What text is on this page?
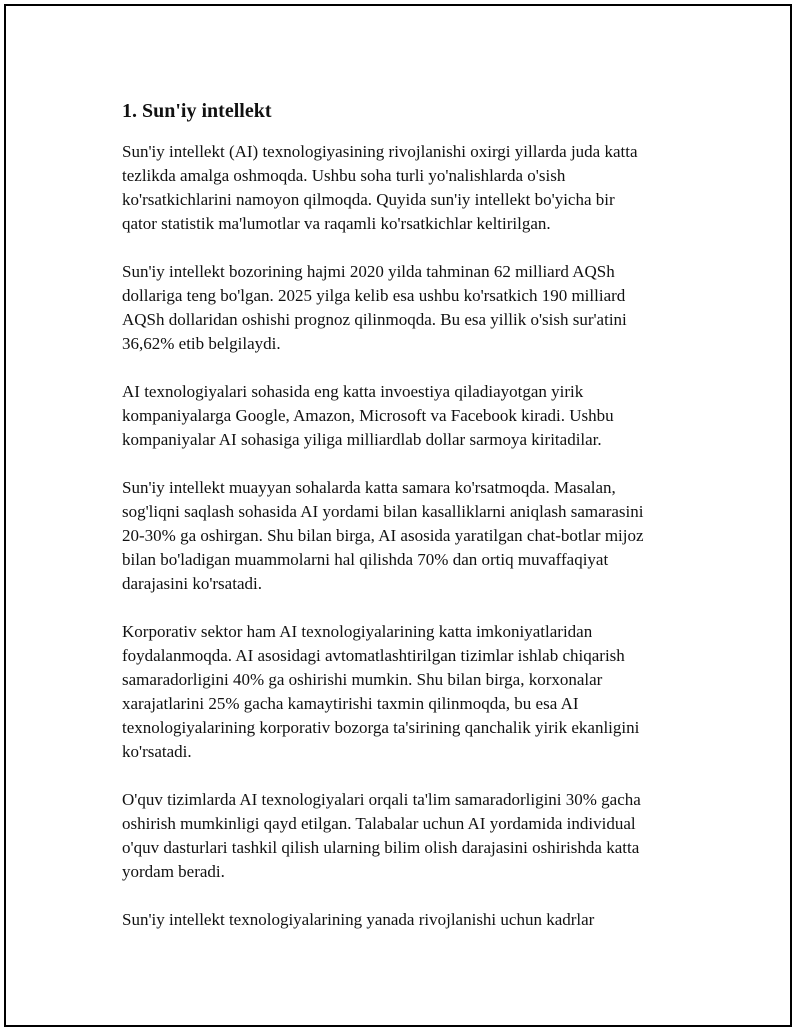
1. Sun'iy intellekt

Sun'iy intellekt (AI) texnologiyasining rivojlanishi oxirgi yillarda juda katta
tezlikda amalga oshmoqda. Ushbu soha turli yo'nalishlarda o'sish
ko'rsatkichlarini namoyon qilmoqda. Quyida sun'iy intellekt bo'yicha bir
qator statistik ma'lumotlar va raqamli ko'rsatkichlar keltirilgan.

Sun'iy intellekt bozorining hajmi 2020 yilda tahminan 62 milliard AQSh
dollariga teng bo'lgan. 2025 yilga kelib esa ushbu ko'rsatkich 190 milliard
AQSh dollaridan oshishi prognoz qilinmoqda. Bu esa yillik o'sish sur'atini
36,62% etib belgilaydi.

AI texnologiyalari sohasida eng katta invoestiya qiladiayotgan yirik
kompaniyalarga Google, Amazon, Microsoft va Facebook kiradi. Ushbu
kompaniyalar AI sohasiga yiliga milliardlab dollar sarmoya kiritadilar.

Sun'iy intellekt muayyan sohalarda katta samara ko'rsatmoqda. Masalan,
sog'liqni saqlash sohasida AI yordami bilan kasalliklarni aniqlash samarasini
20-30% ga oshirgan. Shu bilan birga, AI asosida yaratilgan chat-botlar mijoz
bilan bo'ladigan muammolarni hal qilishda 70% dan ortiq muvaffaqiyat
darajasini ko'rsatadi.

Korporativ sektor ham AI texnologiyalarining katta imkoniyatlaridan
foydalanmoqda. AI asosidagi avtomatlashtirilgan tizimlar ishlab chiqarish
samaradorligini 40% ga oshirishi mumkin. Shu bilan birga, korxonalar
xarajatlarini 25% gacha kamaytirishi taxmin qilinmoqda, bu esa AI
texnologiyalarining korporativ bozorga ta'sirining qanchalik yirik ekanligini
ko'rsatadi.

O'quv tizimlarda AI texnologiyalari orqali ta'lim samaradorligini 30% gacha
oshirish mumkinligi qayd etilgan. Talabalar uchun AI yordamida individual
o'quv dasturlari tashkil qilish ularning bilim olish darajasini oshirishda katta
yordam beradi.

Sun'iy intellekt texnologiyalarining yanada rivojlanishi uchun kadrlar
